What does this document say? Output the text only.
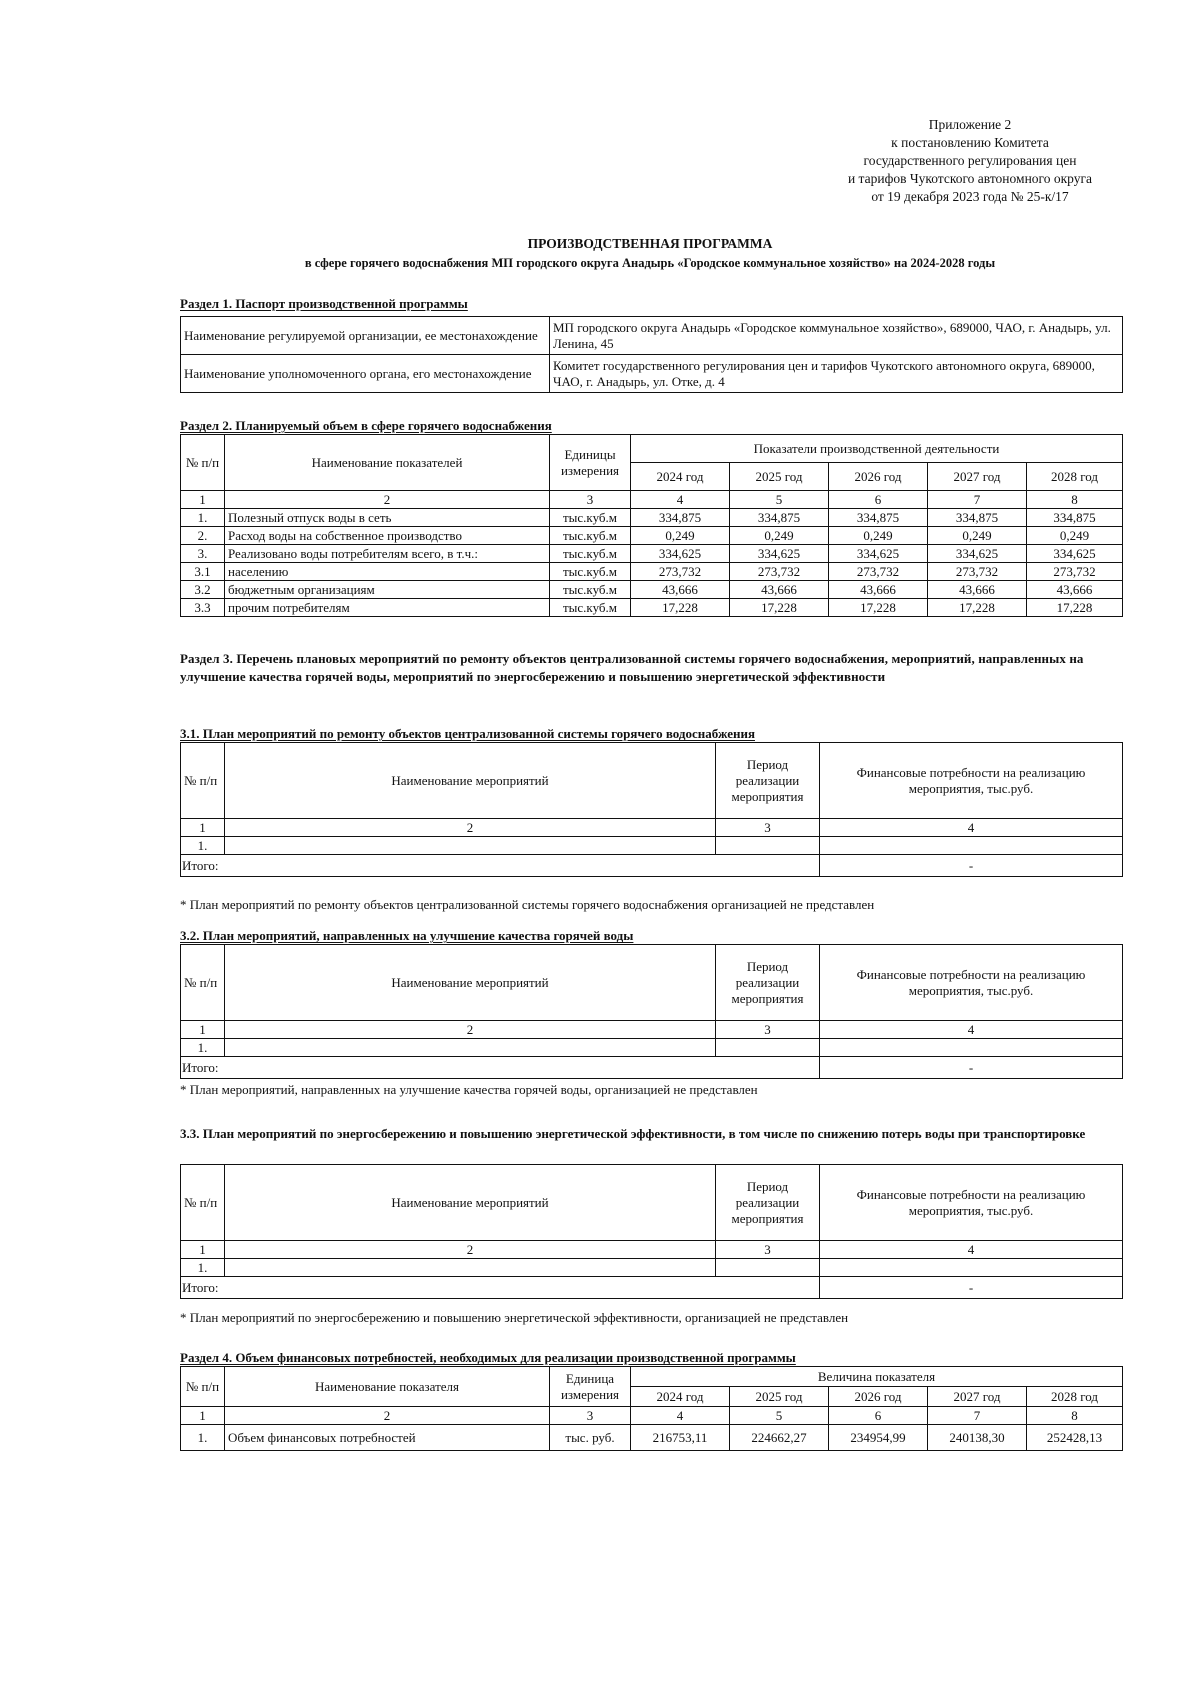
Приложение 2
к постановлению Комитета
государственного регулирования цен
и тарифов Чукотского автономного округа
от 19 декабря 2023 года № 25-к/17
ПРОИЗВОДСТВЕННАЯ ПРОГРАММА
в сфере горячего водоснабжения МП городского округа Анадырь «Городское коммунальное хозяйство» на 2024-2028 годы
Раздел 1. Паспорт производственной программы
Наименование регулируемой организации, ее местонахождение	МП городского округа Анадырь «Городское коммунальное хозяйство», 689000, ЧАО, г. Анадырь, ул. Ленина, 45
Наименование уполномоченного органа, его местонахождение	Комитет государственного регулирования цен и тарифов Чукотского автономного округа, 689000, ЧАО, г. Анадырь, ул. Отке, д. 4
Раздел 2. Планируемый объем в сфере горячего водоснабжения
№ п/п	Наименование показателей	Единицы измерения	Показатели производственной деятельности				
			2024 год	2025 год	2026 год	2027 год	2028 год
1	2	3	4	5	6	7	8
1.	Полезный отпуск воды в сеть	тыс.куб.м	334,875	334,875	334,875	334,875	334,875
2.	Расход воды на собственное производство	тыс.куб.м	0,249	0,249	0,249	0,249	0,249
3.	Реализовано воды потребителям всего, в т.ч.:	тыс.куб.м	334,625	334,625	334,625	334,625	334,625
3.1	населению	тыс.куб.м	273,732	273,732	273,732	273,732	273,732
3.2	бюджетным организациям	тыс.куб.м	43,666	43,666	43,666	43,666	43,666
3.3	прочим потребителям	тыс.куб.м	17,228	17,228	17,228	17,228	17,228
Раздел 3. Перечень плановых мероприятий по ремонту объектов централизованной системы горячего водоснабжения, мероприятий, направленных на улучшение качества горячей воды, мероприятий по энергосбережению и повышению энергетической эффективности
3.1. План мероприятий по ремонту объектов централизованной системы горячего водоснабжения
№ п/п	Наименование мероприятий	Период реализации мероприятия	Финансовые потребности на реализацию мероприятия, тыс.руб.
1	2	3	4
1.			
Итого:			-
* План мероприятий по ремонту объектов централизованной системы горячего водоснабжения организацией не представлен
3.2. План мероприятий, направленных на улучшение качества горячей воды
№ п/п	Наименование мероприятий	Период реализации мероприятия	Финансовые потребности на реализацию мероприятия, тыс.руб.
1	2	3	4
1.			
Итого:			-
* План мероприятий, направленных на улучшение качества горячей воды, организацией не представлен
3.3. План мероприятий по энергосбережению и повышению энергетической эффективности, в том числе по снижению потерь воды при транспортировке
№ п/п	Наименование мероприятий	Период реализации мероприятия	Финансовые потребности на реализацию мероприятия, тыс.руб.
1	2	3	4
1.			
Итого:			-
* План мероприятий по энергосбережению и повышению энергетической эффективности, организацией не представлен
Раздел 4. Объем финансовых потребностей, необходимых для реализации производственной программы
№ п/п	Наименование показателя	Единица измерения	Величина показателя				
			2024 год	2025 год	2026 год	2027 год	2028 год
1	2	3	4	5	6	7	8
1.	Объем финансовых потребностей	тыс. руб.	216753,11	224662,27	234954,99	240138,30	252428,13
